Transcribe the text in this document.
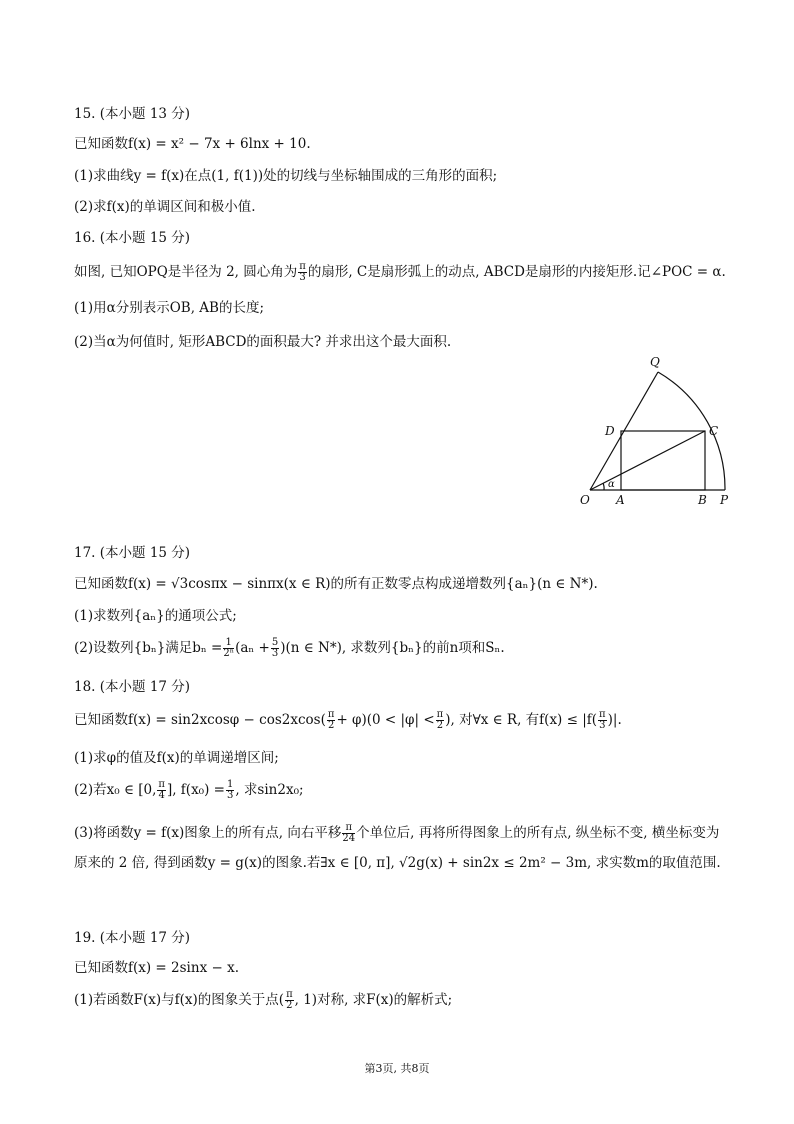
15. (本小题 13 分)
已知函数f(x) = x² − 7x + 6lnx + 10.
(1)求曲线y = f(x)在点(1, f(1))处的切线与坐标轴围成的三角形的面积;
(2)求f(x)的单调区间和极小值.
16. (本小题 15 分)
如图, 已知OPQ是半径为 2, 圆心角为 $\frac{\pi}{3}$ 的扇形, C是扇形弧上的动点, ABCD是扇形的内接矩形.记∠POC = α.
(1)用α分别表示OB, AB的长度;
(2)当α为何值时, 矩形ABCD的面积最大? 并求出这个最大面积.
Q
D	C
O A	B P
α
17. (本小题 15 分)
已知函数f(x) = √3cosπx − sinπx(x ∈ R)的所有正数零点构成递增数列{aₙ}(n ∈ N*).
(1)求数列{aₙ}的通项公式;
(2)设数列{bₙ}满足$b_n = \frac{1}{\text{2ⁿ}} (a_n + \frac{5}{3} )(n$ ∈ N*), 求数列{bₙ}的前n项和Sₙ.
18. (本小题 17 分)
已知函数$f(x) = \sin 2xcos\varphi - \cos 2xcos( \frac{\pi}{2} + \varphi)(0 < |\varphi| < \frac{\pi}{2}$ ), 对∀x ∈ R, 有$f(x) \le |f( \frac{\pi}{3}$ )|.
(1)求φ的值及f(x)的单调递增区间;
(2)若x₀ ∈ [0, $\frac{\pi}{4}$ ], $f(x_0) = \frac{1}{3}$ , 求sin2x₀;
(3)将函数y = f(x)图象上的所有点, 向右平移 $\frac{\pi}{24}$ 个单位后, 再将所得图象上的所有点, 纵坐标不变, 横坐标变为原来的 2 倍, 得到函数y = g(x)的图象.若∃x ∈ [0, π], √2g(x) + sin2x ≤ 2m² − 3m, 求实数m的取值范围.
19. (本小题 17 分)
已知函数f(x) = 2sinx − x.
(1)若函数F(x)与f(x)的图象关于点( $\frac{\pi}{2}$ , 1)对称, 求F(x)的解析式;
第3页, 共8页
